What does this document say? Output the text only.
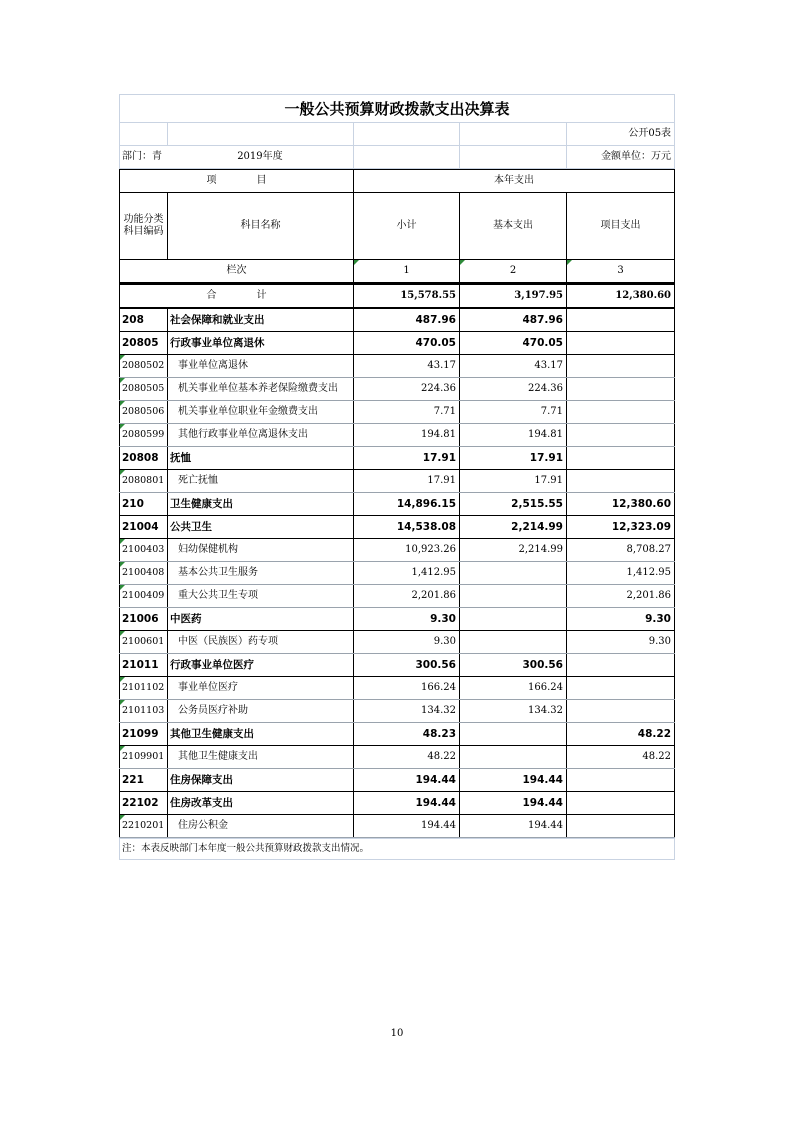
一般公共预算财政拨款支出决算表				
				公开05表
部门：青 2019年度				金额单位：万元
项　　　　目		本年支出		
功能分类科目编码	科目名称	小计	基本支出	项目支出
栏次		1	2	3
合　　　　计		15,578.55	3,197.95	12,380.60
208	社会保障和就业支出	487.96	487.96	
20805	行政事业单位离退休	470.05	470.05	
2080502	事业单位离退休	43.17	43.17	
2080505	机关事业单位基本养老保险缴费支出	224.36	224.36	
2080506	机关事业单位职业年金缴费支出	7.71	7.71	
2080599	其他行政事业单位离退休支出	194.81	194.81	
20808	抚恤	17.91	17.91	
2080801	死亡抚恤	17.91	17.91	
210	卫生健康支出	14,896.15	2,515.55	12,380.60
21004	公共卫生	14,538.08	2,214.99	12,323.09
2100403	妇幼保健机构	10,923.26	2,214.99	8,708.27
2100408	基本公共卫生服务	1,412.95		1,412.95
2100409	重大公共卫生专项	2,201.86		2,201.86
21006	中医药	9.30		9.30
2100601	中医（民族医）药专项	9.30		9.30
21011	行政事业单位医疗	300.56	300.56	
2101102	事业单位医疗	166.24	166.24	
2101103	公务员医疗补助	134.32	134.32	
21099	其他卫生健康支出	48.23		48.22
2109901	其他卫生健康支出	48.22		48.22
221	住房保障支出	194.44	194.44	
22102	住房改革支出	194.44	194.44	
2210201	住房公积金	194.44	194.44	
注：本表反映部门本年度一般公共预算财政拨款支出情况。
10
